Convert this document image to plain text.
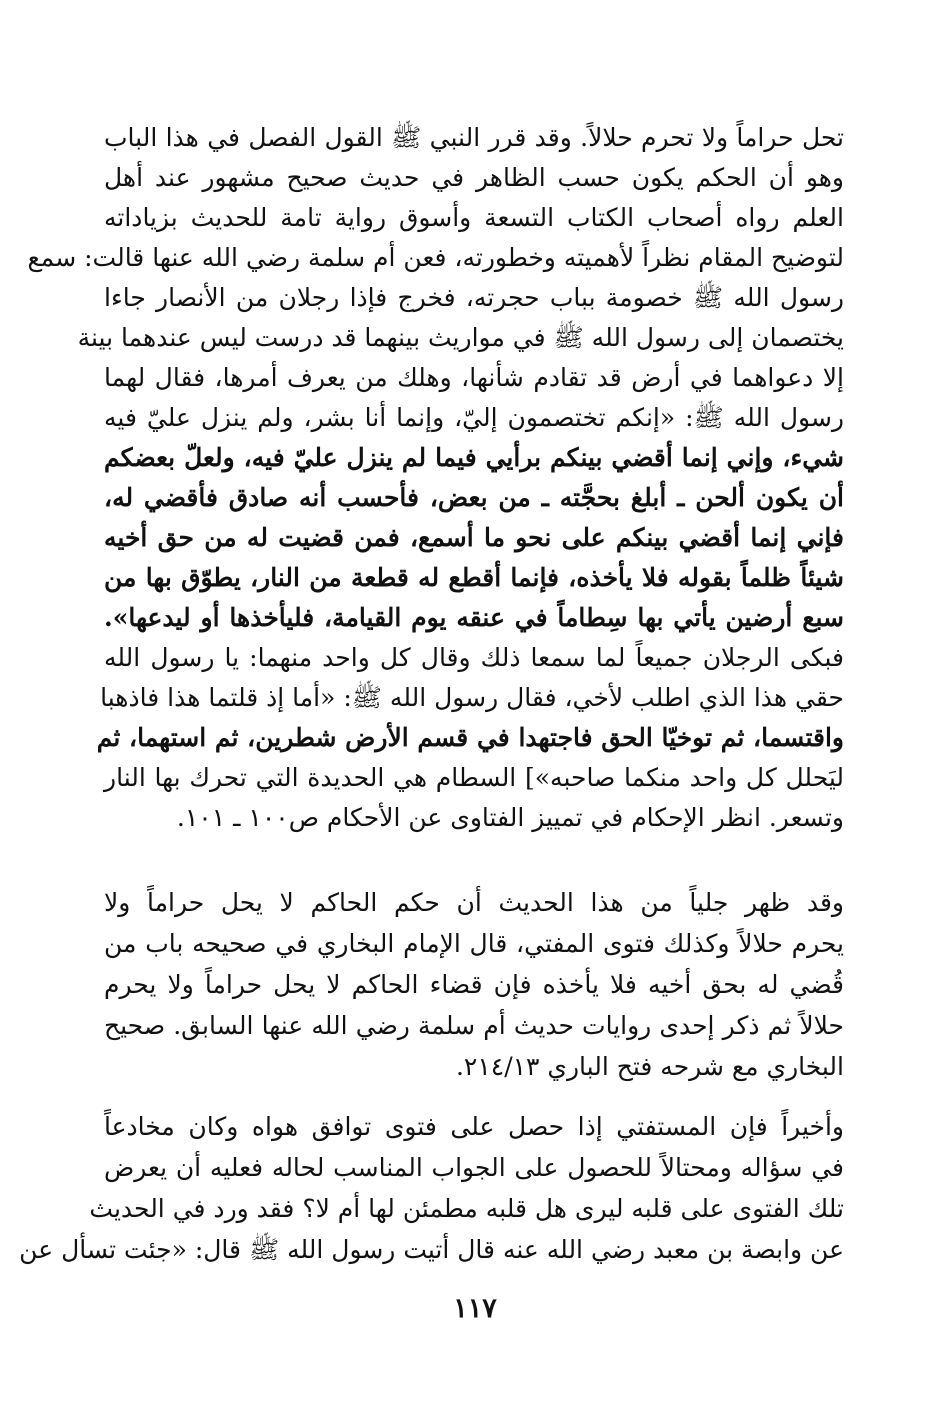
تحل حراماً ولا تحرم حلالاً. وقد قرر النبي ﷺ القول الفصل في هذا الباب
وهو أن الحكم يكون حسب الظاهر في حديث صحيح مشهور عند أهل
العلم رواه أصحاب الكتاب التسعة وأسوق رواية تامة للحديث بزياداته
لتوضيح المقام نظراً لأهميته وخطورته، فعن أم سلمة رضي الله عنها قالت: سمع
رسول الله ﷺ خصومة بباب حجرته، فخرج فإذا رجلان من الأنصار جاءا
يختصمان إلى رسول الله ﷺ في مواريث بينهما قد درست ليس عندهما بينة
إلا دعواهما في أرض قد تقادم شأنها، وهلك من يعرف أمرها، فقال لهما
رسول الله ﷺ: «إنكم تختصمون إليّ، وإنما أنا بشر، ولم ينزل عليّ فيه
شيء، وإني إنما أقضي بينكم برأيي فيما لم ينزل عليّ فيه، ولعلّ بعضكم
أن يكون ألحن ـ أبلغ بحجَّته ـ من بعض، فأحسب أنه صادق فأقضي له،
فإني إنما أقضي بينكم على نحو ما أسمع، فمن قضيت له من حق أخيه
شيئاً ظلماً بقوله فلا يأخذه، فإنما أقطع له قطعة من النار، يطوّق بها من
سبع أرضين يأتي بها سِطاماً في عنقه يوم القيامة، فليأخذها أو ليدعها».
فبكى الرجلان جميعاً لما سمعا ذلك وقال كل واحد منهما: يا رسول الله
حقي هذا الذي اطلب لأخي، فقال رسول الله ﷺ: «أما إذ قلتما هذا فاذهبا
واقتسما، ثم توخيّا الحق فاجتهدا في قسم الأرض شطرين، ثم استهما، ثم
ليَحلل كل واحد منكما صاحبه»] السطام هي الحديدة التي تحرك بها النار
وتسعر. انظر الإحكام في تمييز الفتاوى عن الأحكام ص١٠٠ ـ ١٠١.
وقد ظهر جلياً من هذا الحديث أن حكم الحاكم لا يحل حراماً ولا
يحرم حلالاً وكذلك فتوى المفتي، قال الإمام البخاري في صحيحه باب من
قُضي له بحق أخيه فلا يأخذه فإن قضاء الحاكم لا يحل حراماً ولا يحرم
حلالاً ثم ذكر إحدى روايات حديث أم سلمة رضي الله عنها السابق. صحيح
البخاري مع شرحه فتح الباري ٢١٤/١٣.
وأخيراً فإن المستفتي إذا حصل على فتوى توافق هواه وكان مخادعاً
في سؤاله ومحتالاً للحصول على الجواب المناسب لحاله فعليه أن يعرض
تلك الفتوى على قلبه ليرى هل قلبه مطمئن لها أم لا؟ فقد ورد في الحديث
عن وابصة بن معبد رضي الله عنه قال أتيت رسول الله ﷺ قال: «جئت تسأل عن
١١٧
